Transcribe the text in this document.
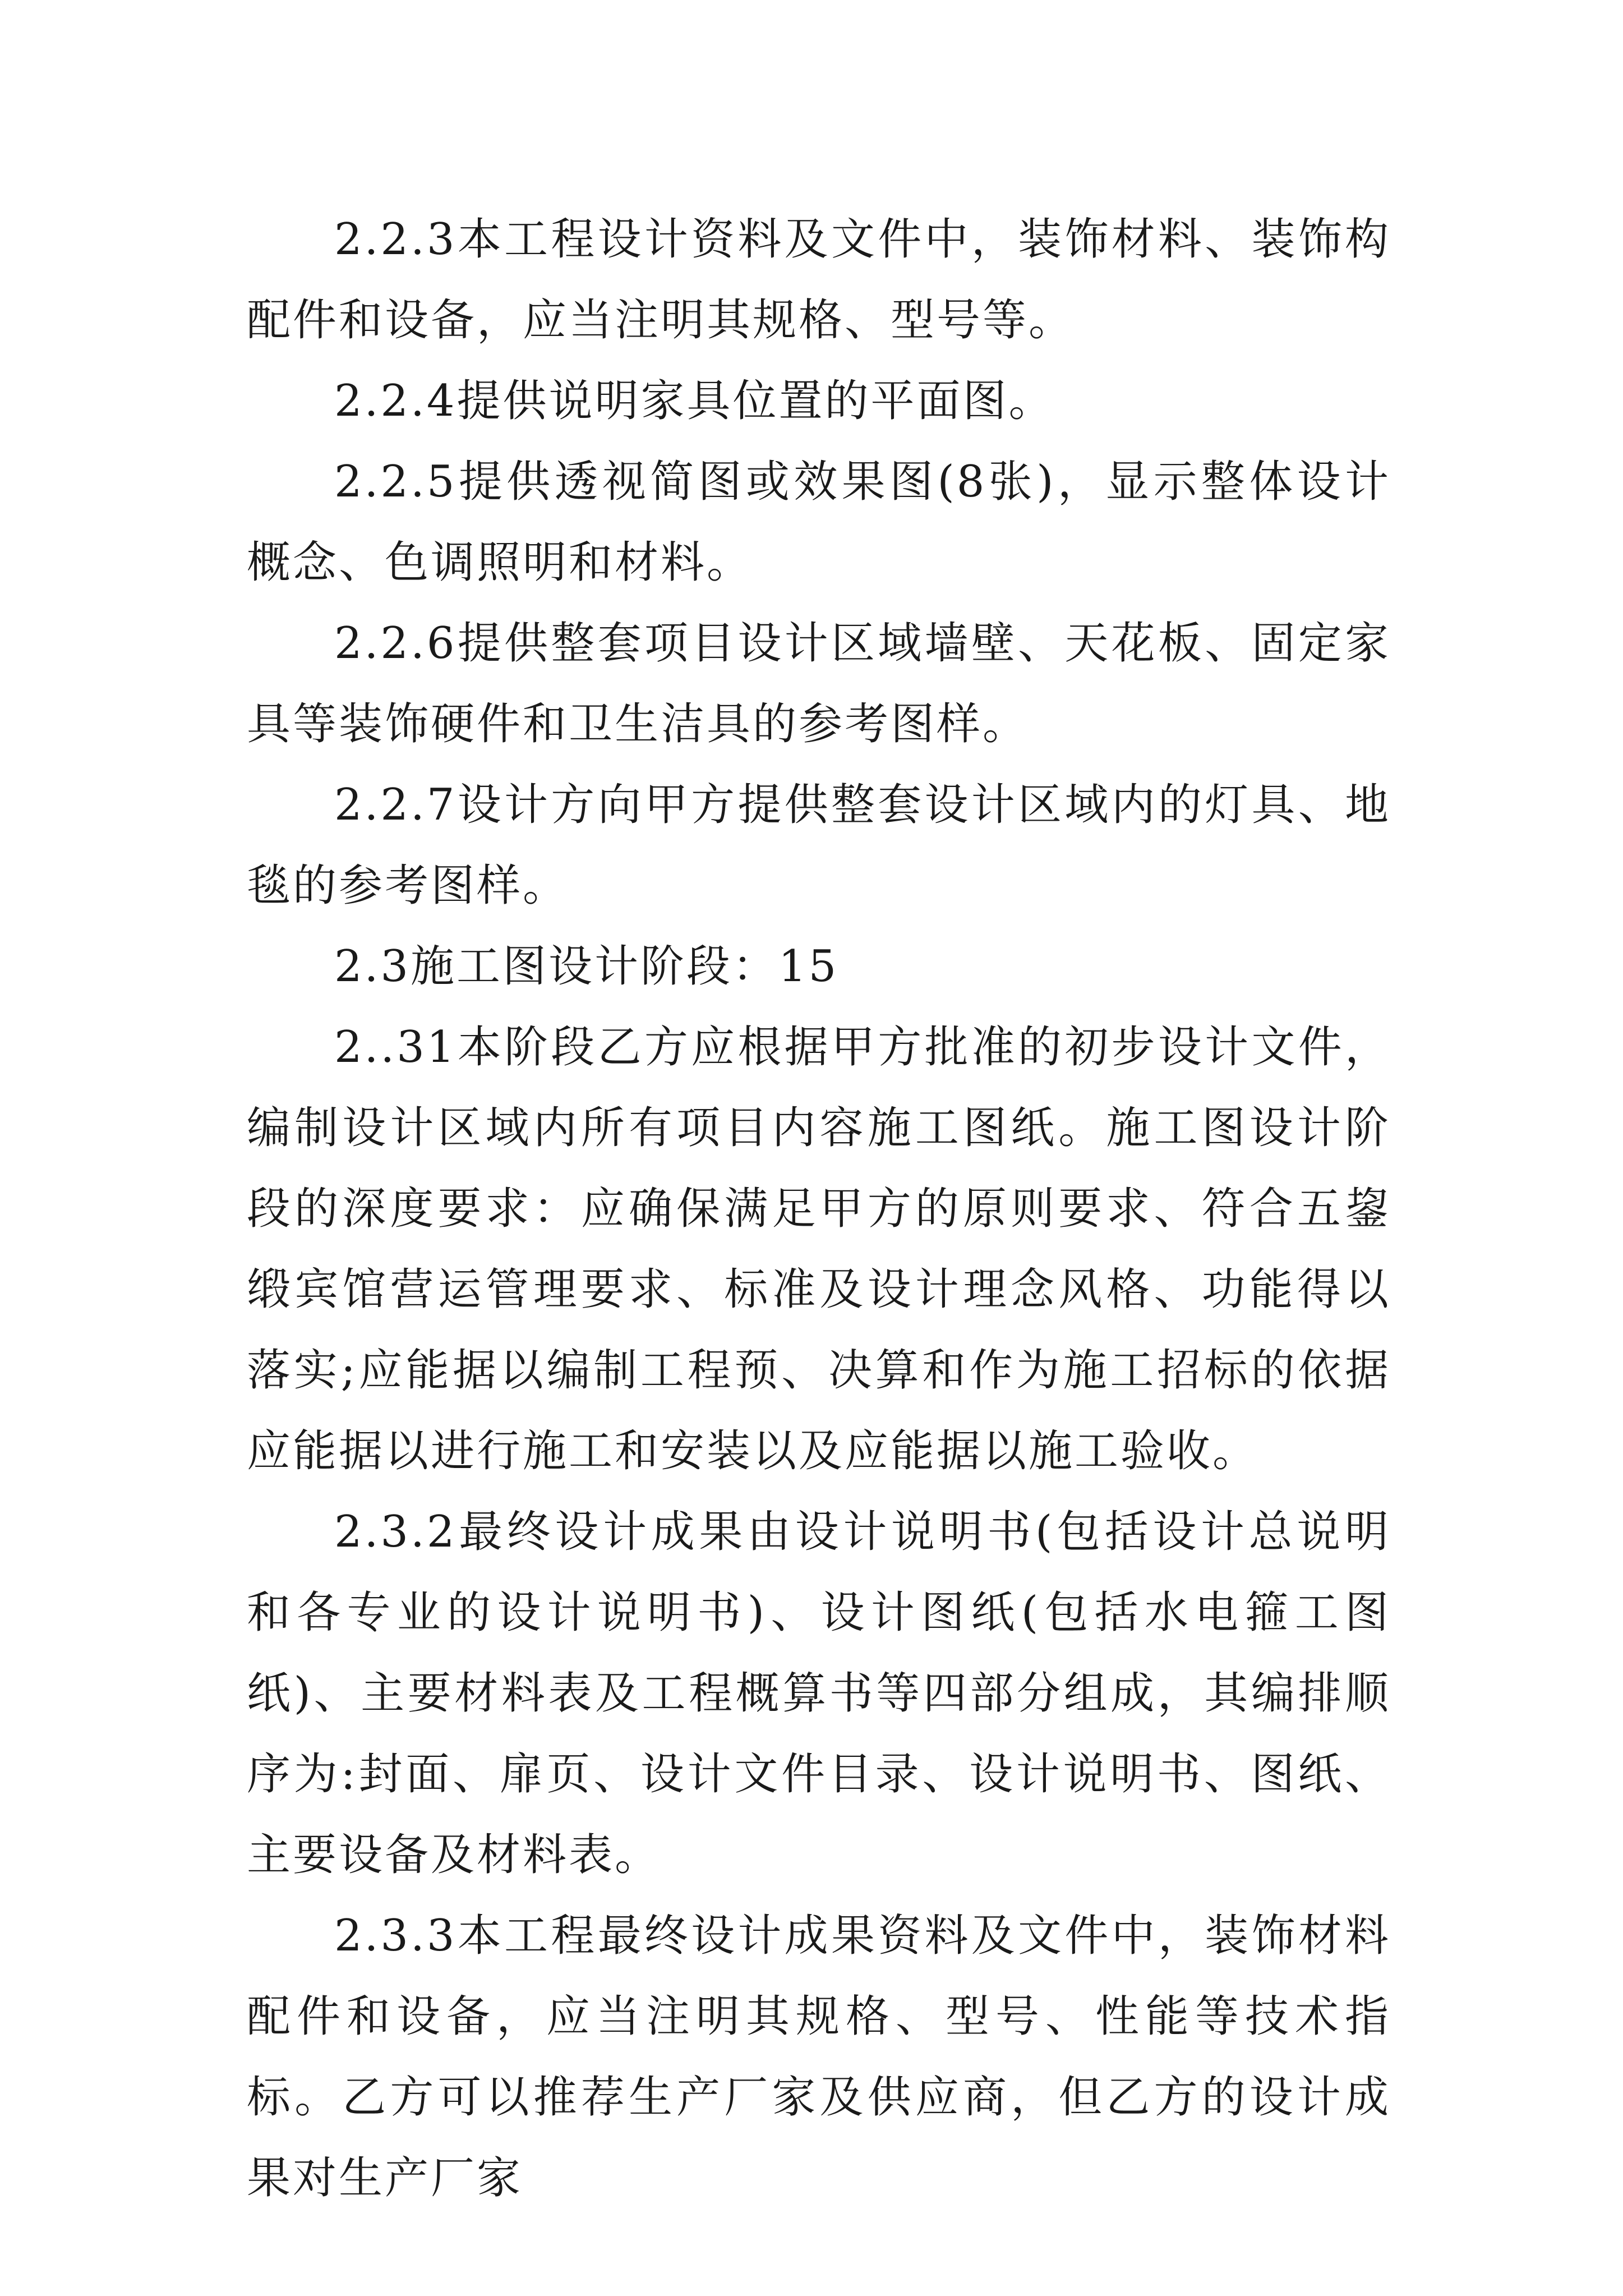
2.2.3本工程设计资料及文件中，装饰材料、装饰构配件和设备，应当注明其规格、型号等。

2.2.4提供说明家具位置的平面图。

2.2.5提供透视简图或效果图(8张)，显示整体设计概念、色调照明和材料。

2.2.6提供整套项目设计区域墙壁、天花板、固定家具等装饰硬件和卫生洁具的参考图样。

2.2.7设计方向甲方提供整套设计区域内的灯具、地毯的参考图样。

2.3施工图设计阶段：15

2..31本阶段乙方应根据甲方批准的初步设计文件，编制设计区域内所有项目内容施工图纸。施工图设计阶段的深度要求：应确保满足甲方的原则要求、符合五鋆缎宾馆营运管理要求、标准及设计理念风格、功能得以落实;应能据以编制工程预、决算和作为施工招标的依据应能据以进行施工和安装以及应能据以施工验收。

2.3.2最终设计成果由设计说明书(包括设计总说明和各专业的设计说明书)、设计图纸(包括水电箍工图纸)、主要材料表及工程概算书等四部分组成，其编排顺序为:封面、扉页、设计文件目录、设计说明书、图纸、主要设备及材料表。

2.3.3本工程最终设计成果资料及文件中，装饰材料配件和设备，应当注明其规格、型号、性能等技术指标。乙方可以推荐生产厂家及供应商，但乙方的设计成果对生产厂家
